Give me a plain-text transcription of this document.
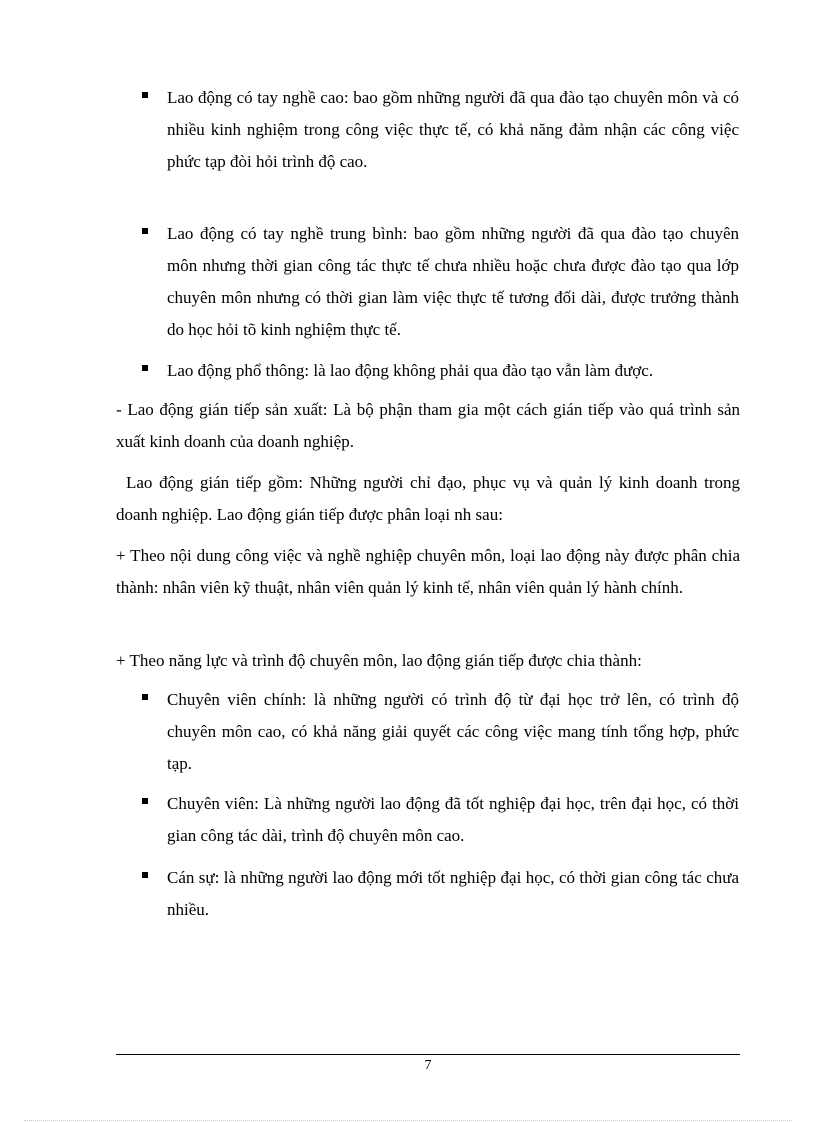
Lao động có tay nghề cao: bao gồm những người đã qua đào tạo chuyên môn và có nhiều kinh nghiệm trong công việc thực tế, có khả năng đảm nhận các công việc phức tạp đòi hỏi trình độ cao.
Lao động có tay nghề trung bình: bao gồm những người đã qua đào tạo chuyên môn nhưng thời gian công tác thực tế chưa nhiều hoặc chưa được đào tạo qua lớp chuyên môn nhưng có thời gian làm việc thực tế tương đối dài, được trưởng thành do học hỏi tõ kinh nghiệm thực tế.
Lao động phổ thông: là lao động không phải qua đào tạo vẫn làm được.
- Lao động gián tiếp sản xuất: Là bộ phận tham gia một cách gián tiếp vào quá trình sản xuất kinh doanh của doanh nghiệp.
Lao động gián tiếp gồm: Những người chỉ đạo, phục vụ và quản lý kinh doanh trong doanh nghiệp. Lao động gián tiếp được phân loại nh sau:
+ Theo nội dung công việc và nghề nghiệp chuyên môn, loại lao động này được phân chia thành: nhân viên kỹ thuật, nhân viên quản lý kinh tế, nhân viên quản lý hành chính.
+ Theo năng lực và trình độ chuyên môn, lao động gián tiếp được chia thành:
Chuyên viên chính: là những người có trình độ từ đại học trở lên, có trình độ chuyên môn cao, có khả năng giải quyết các công việc mang tính tổng hợp, phức tạp.
Chuyên viên: Là những người lao động đã tốt nghiệp đại học, trên đại học, có thời gian công tác dài, trình độ chuyên môn cao.
Cán sự: là những người lao động mới tốt nghiệp đại học, có thời gian công tác chưa nhiều.
7
